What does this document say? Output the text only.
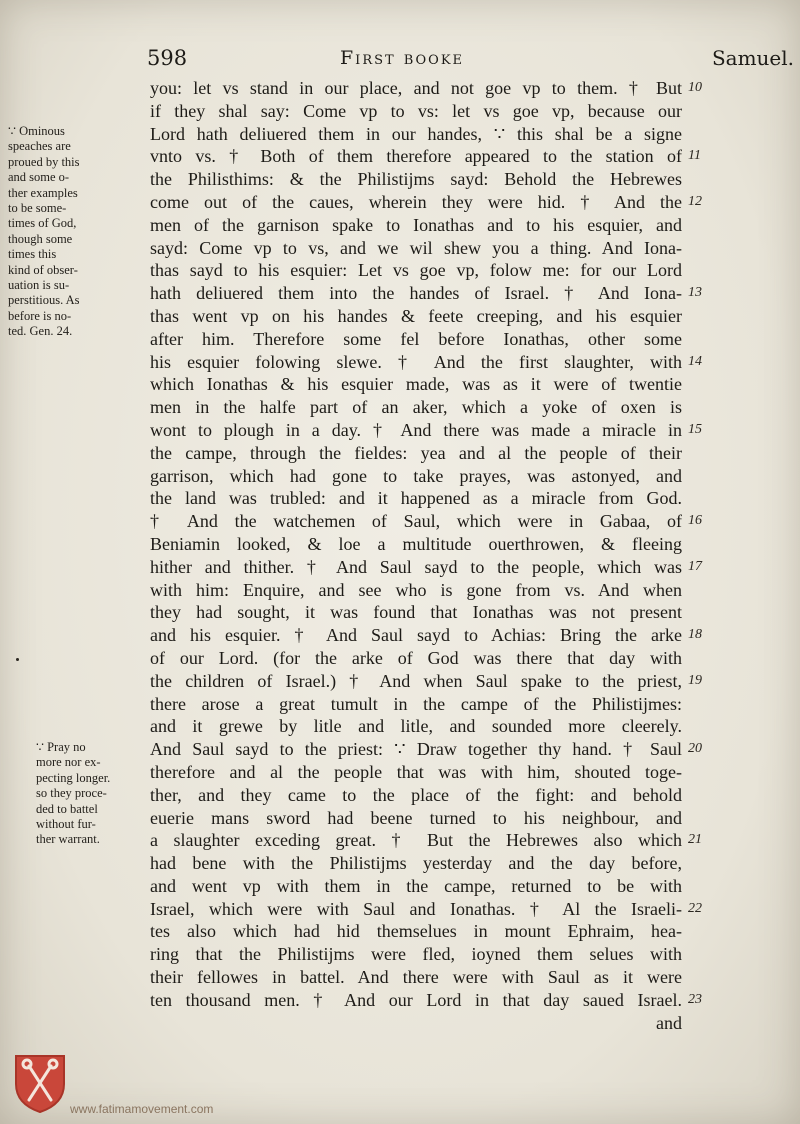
598	First booke	Samuel.
you: let vs stand in our place, and not goe vp to them. † But
if they shal say: Come vp to vs: let vs goe vp, because our
Lord hath deliuered them in our handes, ∵ this shal be a signe
vnto vs. † Both of them therefore appeared to the station of
the Philisthims: & the Philistijms sayd: Behold the Hebrewes
come out of the caues, wherein they were hid. † And the
men of the garnison spake to Ionathas and to his esquier, and
sayd: Come vp to vs, and we wil shew you a thing. And Iona-
thas sayd to his esquier: Let vs goe vp, folow me: for our Lord
hath deliuered them into the handes of Israel. † And Iona-
thas went vp on his handes & feete creeping, and his esquier
after him. Therefore some fel before Ionathas, other some
his esquier folowing slewe. † And the first slaughter, with
which Ionathas & his esquier made, was as it were of twentie
men in the halfe part of an aker, which a yoke of oxen is
wont to plough in a day. † And there was made a miracle in
the campe, through the fieldes: yea and al the people of their
garrison, which had gone to take prayes, was astonyed, and
the land was trubled: and it happened as a miracle from God.
† And the watchemen of Saul, which were in Gabaa, of
Beniamin looked, & loe a multitude ouerthrowen, & fleeing
hither and thither. † And Saul sayd to the people, which was
with him: Enquire, and see who is gone from vs. And when
they had sought, it was found that Ionathas was not present
and his esquier. † And Saul sayd to Achias: Bring the arke
of our Lord. (for the arke of God was there that day with
the children of Israel.) † And when Saul spake to the priest,
there arose a great tumult in the campe of the Philistijmes:
and it grewe by litle and litle, and sounded more cleerely.
And Saul sayd to the priest: ∵ Draw together thy hand. † Saul
therefore and al the people that was with him, shouted toge-
ther, and they came to the place of the fight: and behold
euerie mans sword had beene turned to his neighbour, and
a slaughter exceding great. † But the Hebrewes also which
had bene with the Philistijms yesterday and the day before,
and went vp with them in the campe, returned to be with
Israel, which were with Saul and Ionathas. † Al the Israeli-
tes also which had hid themselues in mount Ephraim, hea-
ring that the Philistijms were fled, ioyned them selues with
their fellowes in battel. And there were with Saul as it were
ten thousand men. † And our Lord in that day saued Israel.
and
10
11
12
13
14
15
16
17
18
19
20
21
22
23
∵ Ominous
speaches are
proued by this
and some o-
ther examples
to be some-
times of God,
though some
times this
kind of obser-
uation is su-
perstitious. As
before is no-
ted. Gen. 24.
∵ Pray no
more nor ex-
pecting longer.
so they proce-
ded to battel
without fur-
ther warrant.
www.fatimamovement.com
